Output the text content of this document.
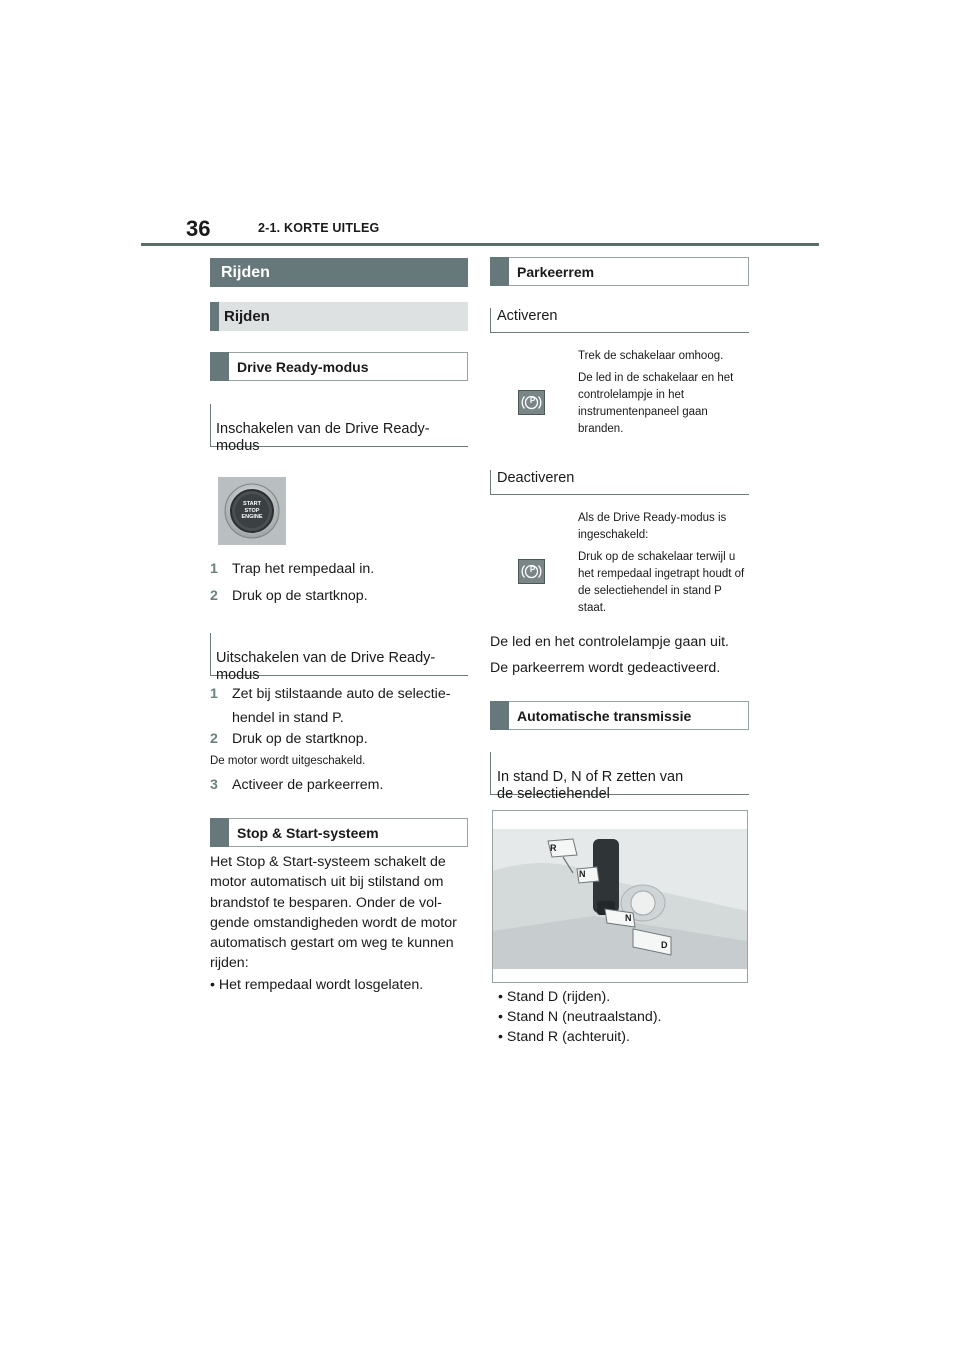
36	2-1. KORTE UITLEG
Rijden
Rijden
Drive Ready-modus

Inschakelen van de Drive Ready-
modus

START
STOP
ENGINE
1 Trap het rempedaal in.
2 Druk op de startknop.

Uitschakelen van de Drive Ready-
modus

1 Zet bij stilstaande auto de selectie-
hendel in stand P.
2 Druk op de startknop.
De motor wordt uitgeschakeld.
3 Activeer de parkeerrem.
Stop & Start-systeem
Het Stop & Start-systeem schakelt de motor automatisch uit bij stilstand om brandstof te besparen. Onder de vol-gende omstandigheden wordt de motor automatisch gestart om weg te kunnen rijden:
• Het rempedaal wordt losgelaten.
Parkeerrem
Activeren
P
Trek de schakelaar omhoog.
De led in de schakelaar en het controlelampje in het instrumentenpaneel gaan branden.
Deactiveren
P
Als de Drive Ready-modus is ingeschakeld:
Druk op de schakelaar terwijl u het rempedaal ingetrapt houdt of de selectiehendel in stand P staat.
De led en het controlelampje gaan uit.
De parkeerrem wordt gedeactiveerd.
Automatische transmissie

In stand D, N of R zetten van
de selectiehendel

R
N
N
D
• Stand D (rijden).
• Stand N (neutraalstand).
• Stand R (achteruit).
